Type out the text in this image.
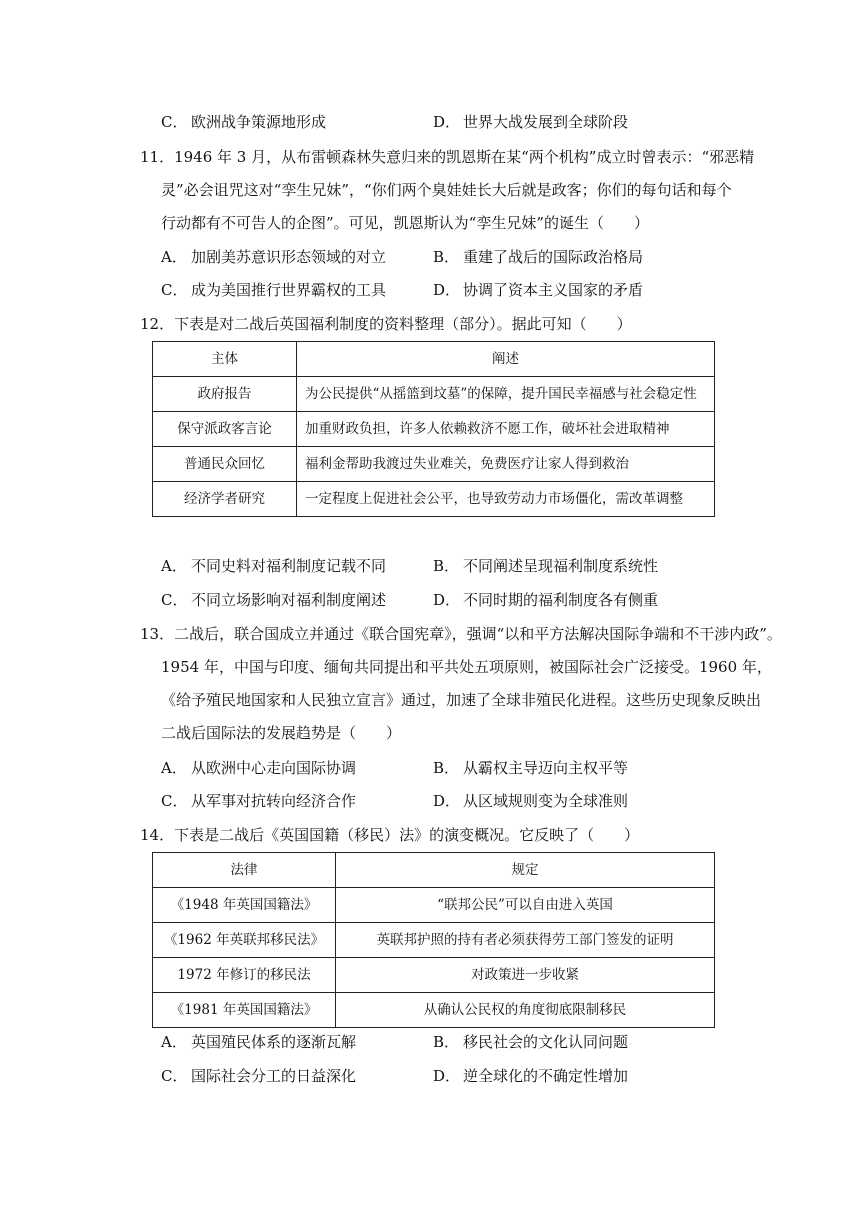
C． 欧洲战争策源地形成	D． 世界大战发展到全球阶段
11．1946 年 3 月，从布雷顿森林失意归来的凯恩斯在某“两个机构”成立时曾表示：“邪恶精
灵”必会诅咒这对“孪生兄妹”，“你们两个臭娃娃长大后就是政客；你们的每句话和每个
行动都有不可告人的企图”。可见，凯恩斯认为“孪生兄妹”的诞生（　　）
A． 加剧美苏意识形态领域的对立	B． 重建了战后的国际政治格局
C． 成为美国推行世界霸权的工具	D． 协调了资本主义国家的矛盾
12．下表是对二战后英国福利制度的资料整理（部分）。据此可知（　　）
主体	阐述
政府报告	为公民提供“从摇篮到坟墓”的保障，提升国民幸福感与社会稳定性
保守派政客言论	加重财政负担，许多人依赖救济不愿工作，破坏社会进取精神
普通民众回忆	福利金帮助我渡过失业难关，免费医疗让家人得到救治
经济学者研究	一定程度上促进社会公平，也导致劳动力市场僵化，需改革调整
A． 不同史料对福利制度记载不同	B． 不同阐述呈现福利制度系统性
C． 不同立场影响对福利制度阐述	D． 不同时期的福利制度各有侧重
13．二战后，联合国成立并通过《联合国宪章》，强调“以和平方法解决国际争端和不干涉内政”。
1954 年，中国与印度、缅甸共同提出和平共处五项原则，被国际社会广泛接受。1960 年，
《给予殖民地国家和人民独立宣言》通过，加速了全球非殖民化进程。这些历史现象反映出
二战后国际法的发展趋势是（　　）
A． 从欧洲中心走向国际协调	B． 从霸权主导迈向主权平等
C． 从军事对抗转向经济合作	D． 从区域规则变为全球准则
14．下表是二战后《英国国籍（移民）法》的演变概况。它反映了（　　）
法律	规定
《1948 年英国国籍法》	“联邦公民”可以自由进入英国
《1962 年英联邦移民法》	英联邦护照的持有者必须获得劳工部门签发的证明
1972 年修订的移民法	对政策进一步收紧
《1981 年英国国籍法》	从确认公民权的角度彻底限制移民
A． 英国殖民体系的逐渐瓦解	B． 移民社会的文化认同问题
C． 国际社会分工的日益深化	D． 逆全球化的不确定性增加
